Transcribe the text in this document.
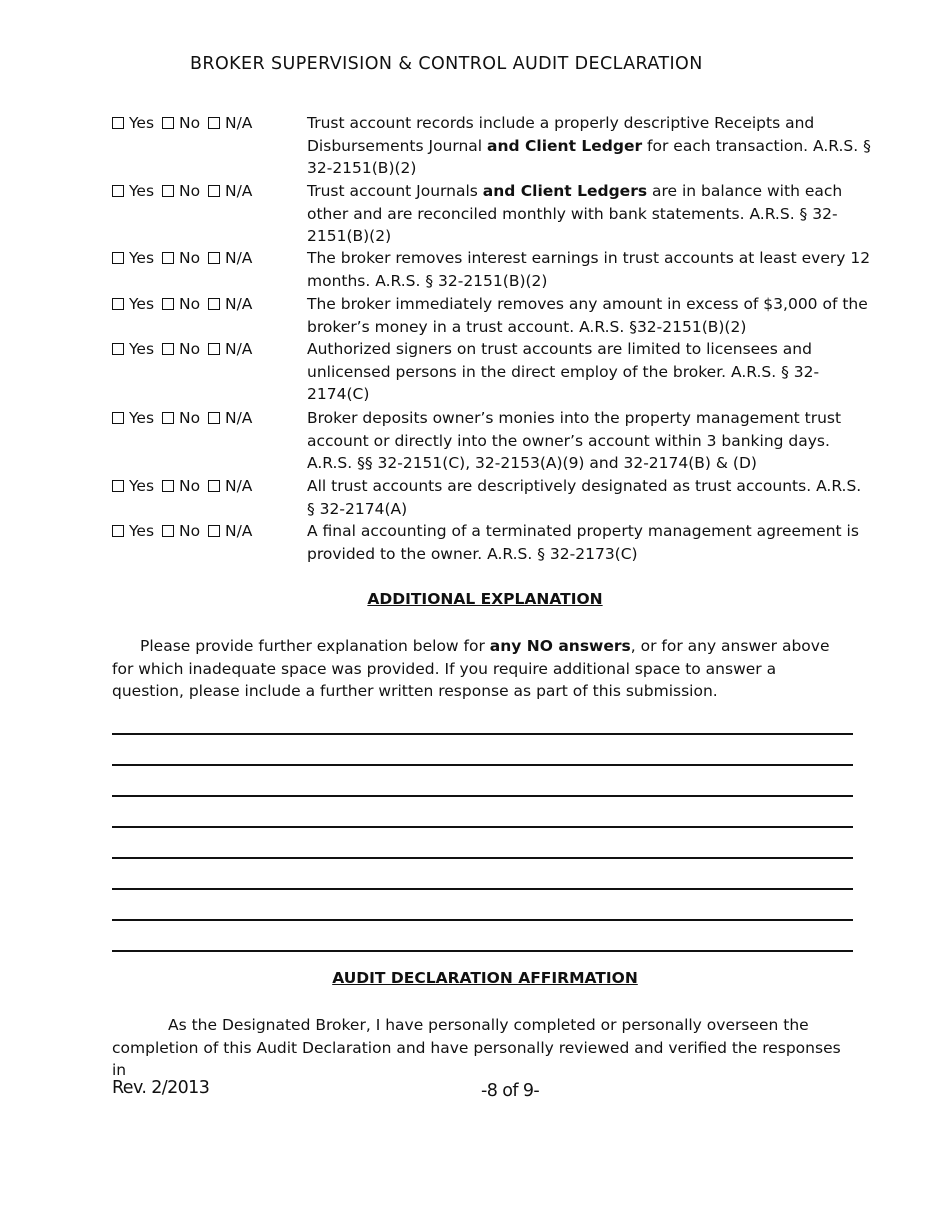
BROKER SUPERVISION & CONTROL AUDIT DECLARATION
Yes
No
N/A	Trust account records include a properly descriptive Receipts and Disbursements Journal and Client Ledger for each transaction. A.R.S. § 32-2151(B)(2)
Yes
No
N/A	Trust account Journals and Client Ledgers are in balance with each other and are reconciled monthly with bank statements. A.R.S. § 32-2151(B)(2)
Yes
No
N/A	The broker removes interest earnings in trust accounts at least every 12 months. A.R.S. § 32-2151(B)(2)
Yes
No
N/A	The broker immediately removes any amount in excess of $3,000 of the broker’s money in a trust account. A.R.S. §32-2151(B)(2)
Yes
No
N/A	Authorized signers on trust accounts are limited to licensees and unlicensed persons in the direct employ of the broker. A.R.S. § 32-2174(C)
Yes
No
N/A	Broker deposits owner’s monies into the property management trust account or directly into the owner’s account within 3 banking days. A.R.S. §§ 32-2151(C), 32-2153(A)(9) and 32-2174(B) & (D)
Yes
No
N/A	All trust accounts are descriptively designated as trust accounts. A.R.S. § 32-2174(A)
Yes
No
N/A	A final accounting of a terminated property management agreement is provided to the owner. A.R.S. § 32-2173(C)
ADDITIONAL EXPLANATION
Please provide further explanation below for any NO answers, or for any answer above for which inadequate space was provided. If you require additional space to answer a question, please include a further written response as part of this submission.
AUDIT DECLARATION AFFIRMATION
As the Designated Broker, I have personally completed or personally overseen the completion of this Audit Declaration and have personally reviewed and verified the responses in
Rev. 2/2013	-8 of 9-
